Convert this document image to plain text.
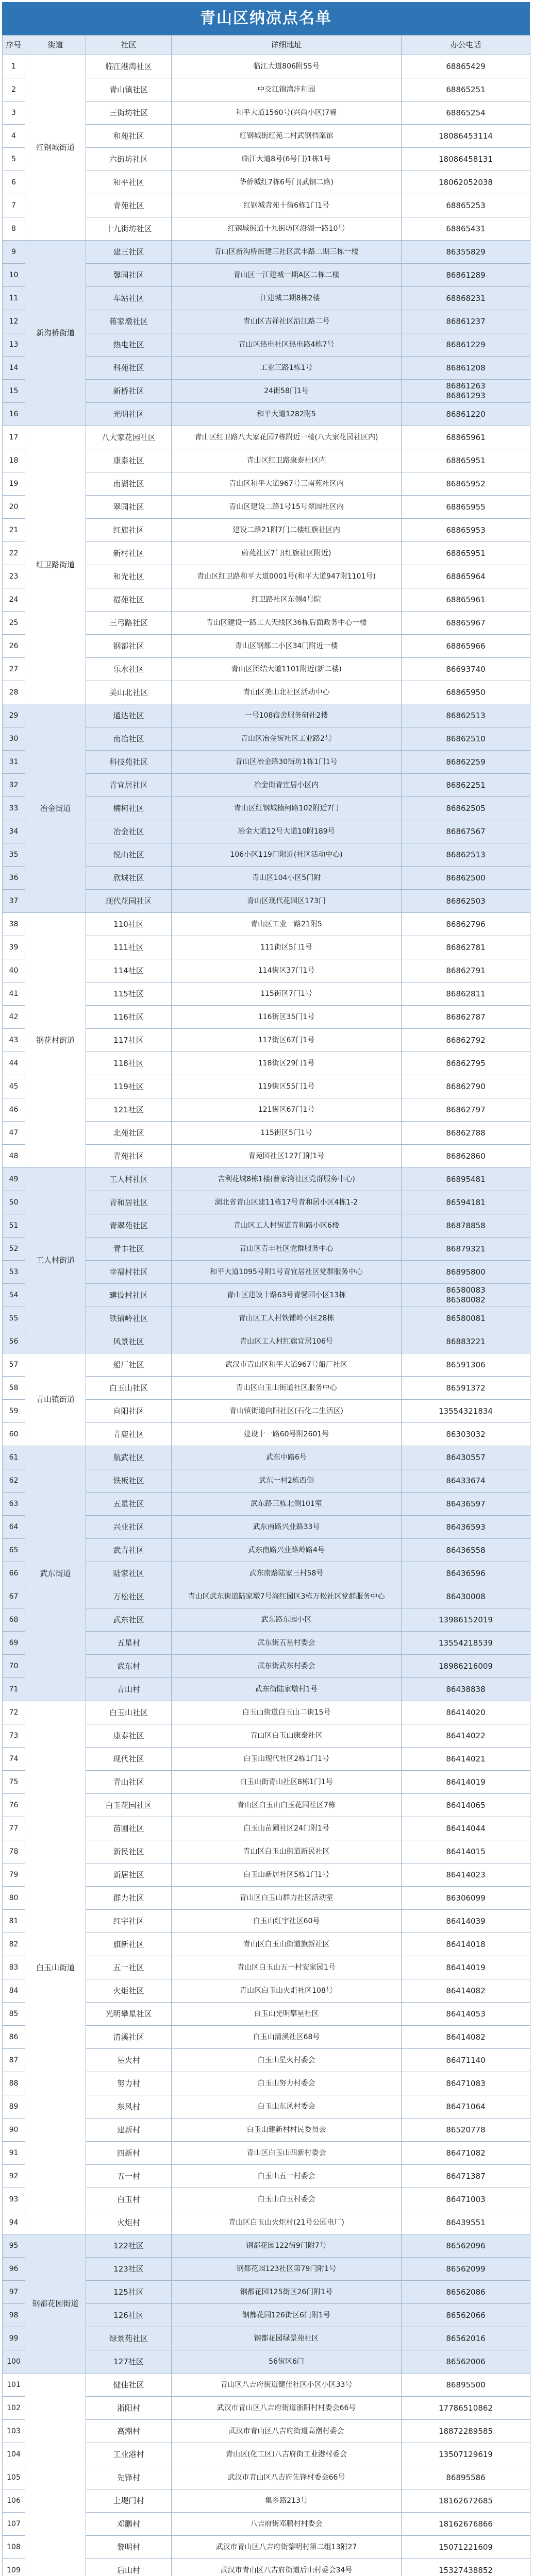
青山区纳凉点名单
序号	街道	社区	详细地址	办公电话
1	红钢城街道	临江港湾社区	临江大道806附55号	68865429
2		青山镇社区	中交江锦湾沣和园	68865251
3		三街坊社区	和平大道1560号(兴尚小区)7幢	68865254
4		和苑社区	红钢城街红苑二村武钢档案馆	18086453114
5		六街坊社区	临江大道8号(6号门)1栋1号	18086458131
6		和平社区	华侨城红7栋6号门(武钢二路)	18062052038
7		青苑社区	红钢城青苑十街6栋1门1号	68865253
8		十九街坊社区	红钢城街道十九街坊区沿湖一路10号	68865431
9	新沟桥街道	建三社区	青山区新沟桥街建三社区武丰路二期三栋一楼	86355829
10		馨园社区	青山区一江建城一期A区二栋二楼	86861289
11		车站社区	一江建城二期8栋2楼	68868231
12		蒋家墩社区	青山区吉祥社区沿江路二号	86861237
13		热电社区	青山区热电社区热电路4栋7号	86861229
14		科苑社区	工业三路1栋1号	86861208
15		新桥社区	24街58门1号	86861263
86861293
16		光明社区	和平大道1282附5	86861220
17	红卫路街道	八大家花园社区	青山区红卫路八大家花园7栋附近一楼(八大家花园社区内)	68865961
18		康泰社区	青山区红卫路康泰社区内	68865951
19		南湖社区	青山区和平大道967号三南苑社区内	86865952
20		翠园社区	青山区建设二路1号15号翠园社区内	68865955
21		红旗社区	建设二路21附7门二楼红旗社区内	68865953
22		新村社区	蔚苑社区7门(红旗社区附近)	68865951
23		和光社区	青山区红卫路和平大道0001号(和平大道947附1101号)	68865964
24		福苑社区	红卫路社区东侧4号院	68865961
25		三弓路社区	青山区建设一路工大天线区36栋后面政务中心一楼	68865967
26		钢都社区	青山区钢都二小区34门附近一楼	68865966
27		乐水社区	青山区团结大道1101附近(新二楼)	86693740
28		美山北社区	青山区美山北社区活动中心	68865950
29	冶金街道	通达社区	一号108宿舍服务研社2楼	86862513
30		南冶社区	青山区冶金街社区工业路2号	86862510
31		科技苑社区	青山区冶金路30街坊1栋1门1号	86862259
32		青宜居社区	冶金街青宜居小区内	86862251
33		楠柯社区	青山区红钢城楠柯路102附近7门	86862505
34		冶金社区	冶金大道12号大道10附189号	86867567
35		悦山社区	106小区119门附近(社区活动中心)	86862513
36		欣城社区	青山区104小区5门附	86862500
37		现代花园社区	青山区现代花园区173门	86862503
38	钢花村街道	110社区	青山区工业一路21附5	86862796
39		111社区	111街区5门1号	86862781
40		114社区	114街区37门1号	86862791
41		115社区	115街区7门1号	86862811
42		116社区	116街区35门1号	86862787
43		117社区	117街区67门1号	86862792
44		118社区	118街区29门1号	86862795
45		119社区	119街区55门1号	86862790
46		121社区	121街区67门1号	86862797
47		北苑社区	115街区5门1号	86862788
48		青苑社区	青苑园社区127门附1号	86862860
49	工人村街道	工人村社区	吉利花城8栋1楼(曹家湾社区党群服务中心)	86895481
50		青和居社区	湖北省青山区建11栋17号青和居小区4栋1-2	86594181
51		青翠苑社区	青山区工人村街道青和路小区6楼	86878858
52		青丰社区	青山区青丰社区党群服务中心	86879321
53		幸福村社区	和平大道1095号附1号青宜居社区党群服务中心	86895800
54		建设村社区	青山区建设十路63号青馨园小区13栋	86580083
86580082
55		铁铺岭社区	青山区工人村铁铺岭小区28栋	86580081
56		风景社区	青山区工人村红旗宜居106号	86883221
57	青山镇街道	船厂社区	武汉市青山区和平大道967号船厂社区	86591306
58		白玉山社区	青山区白玉山街道社区服务中心	86591372
59		向阳社区	青山镇街道向阳社区(石化二生活区)	13554321834
60		青鹿社区	建设十一路60号附2601号	86303032
61	武东街道	航武社区	武东中路6号	86430557
62		铁板社区	武东一村2栋西侧	86433674
63		五星社区	武东路三栋北侧101室	86436597
64		兴业社区	武东南路兴业路33号	86436593
65		武青社区	武东南路兴业路岭路4号	86436558
66		陆家社区	武东南路陆家三村58号	86436596
67		万松社区	青山区武东街道陆家墩7号海红园区3栋万松社区党群服务中心	86430008
68		武东社区	武东路东园小区	13986152019
69		五星村	武东街五星村委会	13554218539
70		武东村	武东街武东村委会	18986216009
71		青山村	武东街陆家墩村1号	86438838
72	白玉山街道	白玉山社区	白玉山街道白玉山二街15号	86414020
73		康泰社区	青山区白玉山康泰社区	86414022
74		现代社区	白玉山现代社区2栋1门1号	86414021
75		青山社区	白玉山街青山社区8栋1门1号	86414019
76		白玉花园社区	青山区白玉山白玉花园社区7栋	86414065
77		苗圃社区	白玉山苗圃社区24门附1号	86414044
78		新民社区	青山区白玉山街道新民社区	86414015
79		新居社区	白玉山新居社区5栋1门1号	86414023
80		群力社区	青山区白玉山群力社区活动室	86306099
81		红宇社区	白玉山红宇社区60号	86414039
82		旗新社区	青山区白玉山街道旗新社区	86414018
83		五一社区	青山区白玉山五一村安家园1号	86414019
84		火炬社区	青山区白玉山火炬社区108号	86414082
85		光明攀星社区	白玉山光明攀星社区	86414053
86		清溪社区	白玉山清溪社区68号	86414082
87		星火村	白玉山星火村委会	86471140
88		努力村	白玉山努力村委会	86471083
89		东风村	白玉山东风村委会	86471064
90		建新村	白玉山建新村村民委员会	86520778
91		四新村	青山区白玉山四新村委会	86471082
92		五一村	白玉山五一村委会	86471387
93		白玉村	白玉山白玉村委会	86471003
94		火炬村	青山区白玉山火炬村(21号公园电厂)	86439551
95	钢都花园街道	122社区	钢都花园122街9门附7号	86562096
96		123社区	钢都花园123社区第79门附1号	86562099
97		125社区	钢都花园125街区26门附1号	86562086
98		126社区	钢都花园126街区6门附1号	86562066
99		绿景苑社区	钢都花园绿景苑社区	86562016
100		127社区	56街区6门	86562006
101		健佳社区	青山区八吉府街道健佳社区小区小区33号	86895500
102		浙阳村	武汉市青山区八吉府街道浙阳村村委会66号	17786510862
103		高潮村	武汉市青山区八吉府街道高潮村委会	18872289585
104		工业港村	青山区(化工区)八吉府街工业港村委会	13507129619
105		先锋村	武汉市青山区八吉府先锋村委会66号	86895586
106		上堤门村	集乡路213号	18162672685
107		邓鹏村	八吉府街邓鹏村村委会	18162676866
108		黎明村	武汉市青山区八吉府街黎明村第二组13附27	15071221609
109		后山村	武汉市青山区八吉府街道后山村委会34号	15327438852
